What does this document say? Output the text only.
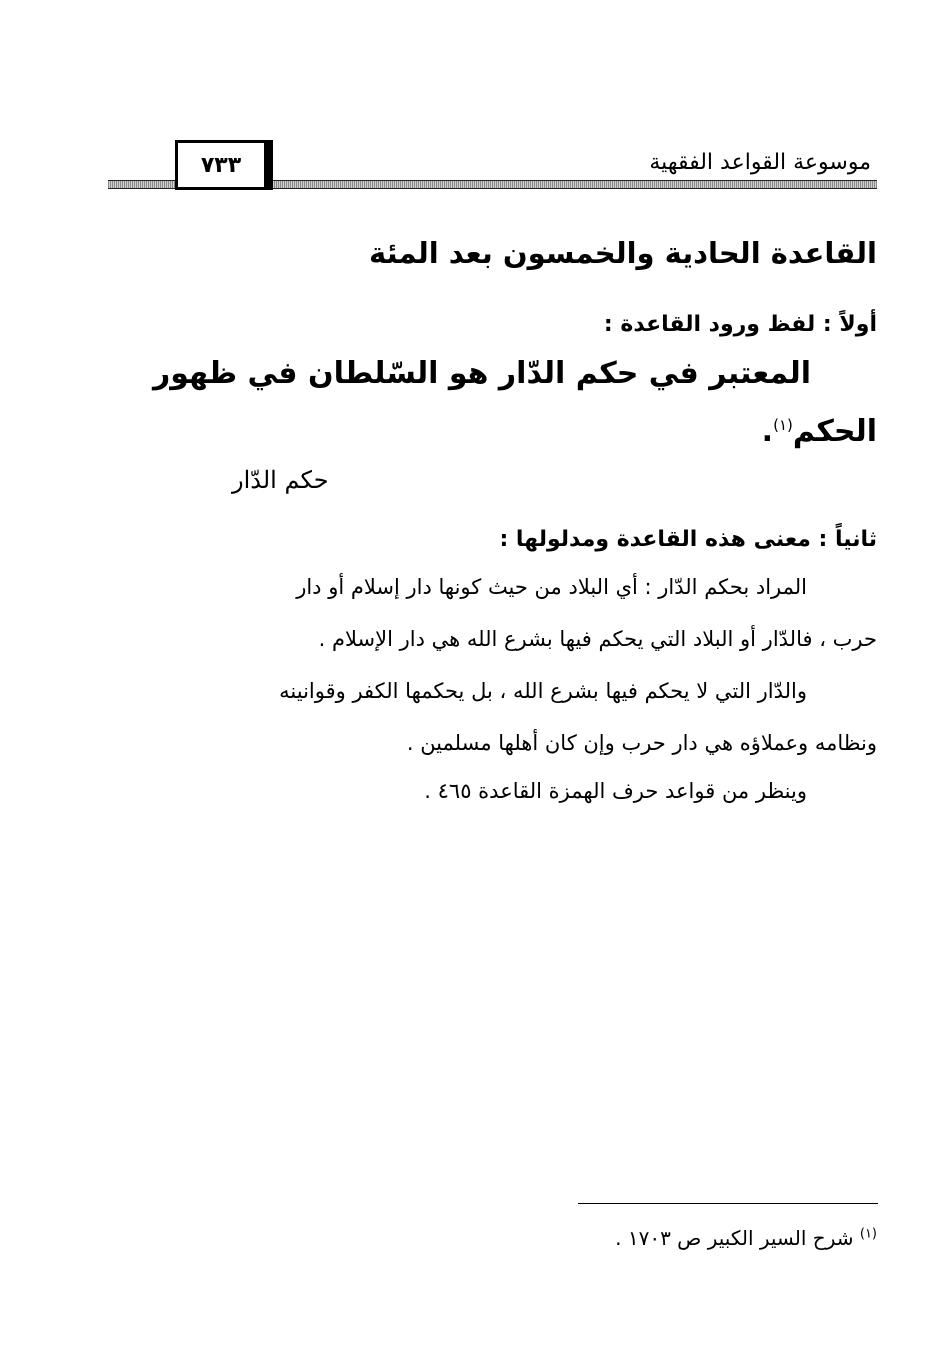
موسوعة القواعد الفقهية
٧٣٣
القاعدة الحادية والخمسون بعد المئة
أولاً : لفظ ورود القاعدة :
المعتبر في حكم الدّار هو السّلطان في ظهور
الحكم$^{(١)}$.
حكم الدّار
ثانياً : معنى هذه القاعدة ومدلولها :
المراد بحكم الدّار : أي البلاد من حيث كونها دار إسلام أو دار
حرب ، فالدّار أو البلاد التي يحكم فيها بشرع الله هي دار الإسلام .
والدّار التي لا يحكم فيها بشرع الله ، بل يحكمها الكفر وقوانينه
ونظامه وعملاؤه هي دار حرب وإن كان أهلها مسلمين .
وينظر من قواعد حرف الهمزة القاعدة ٤٦٥ .
$^{(١)}$ شرح السير الكبير ص ١٧٠٣ .
